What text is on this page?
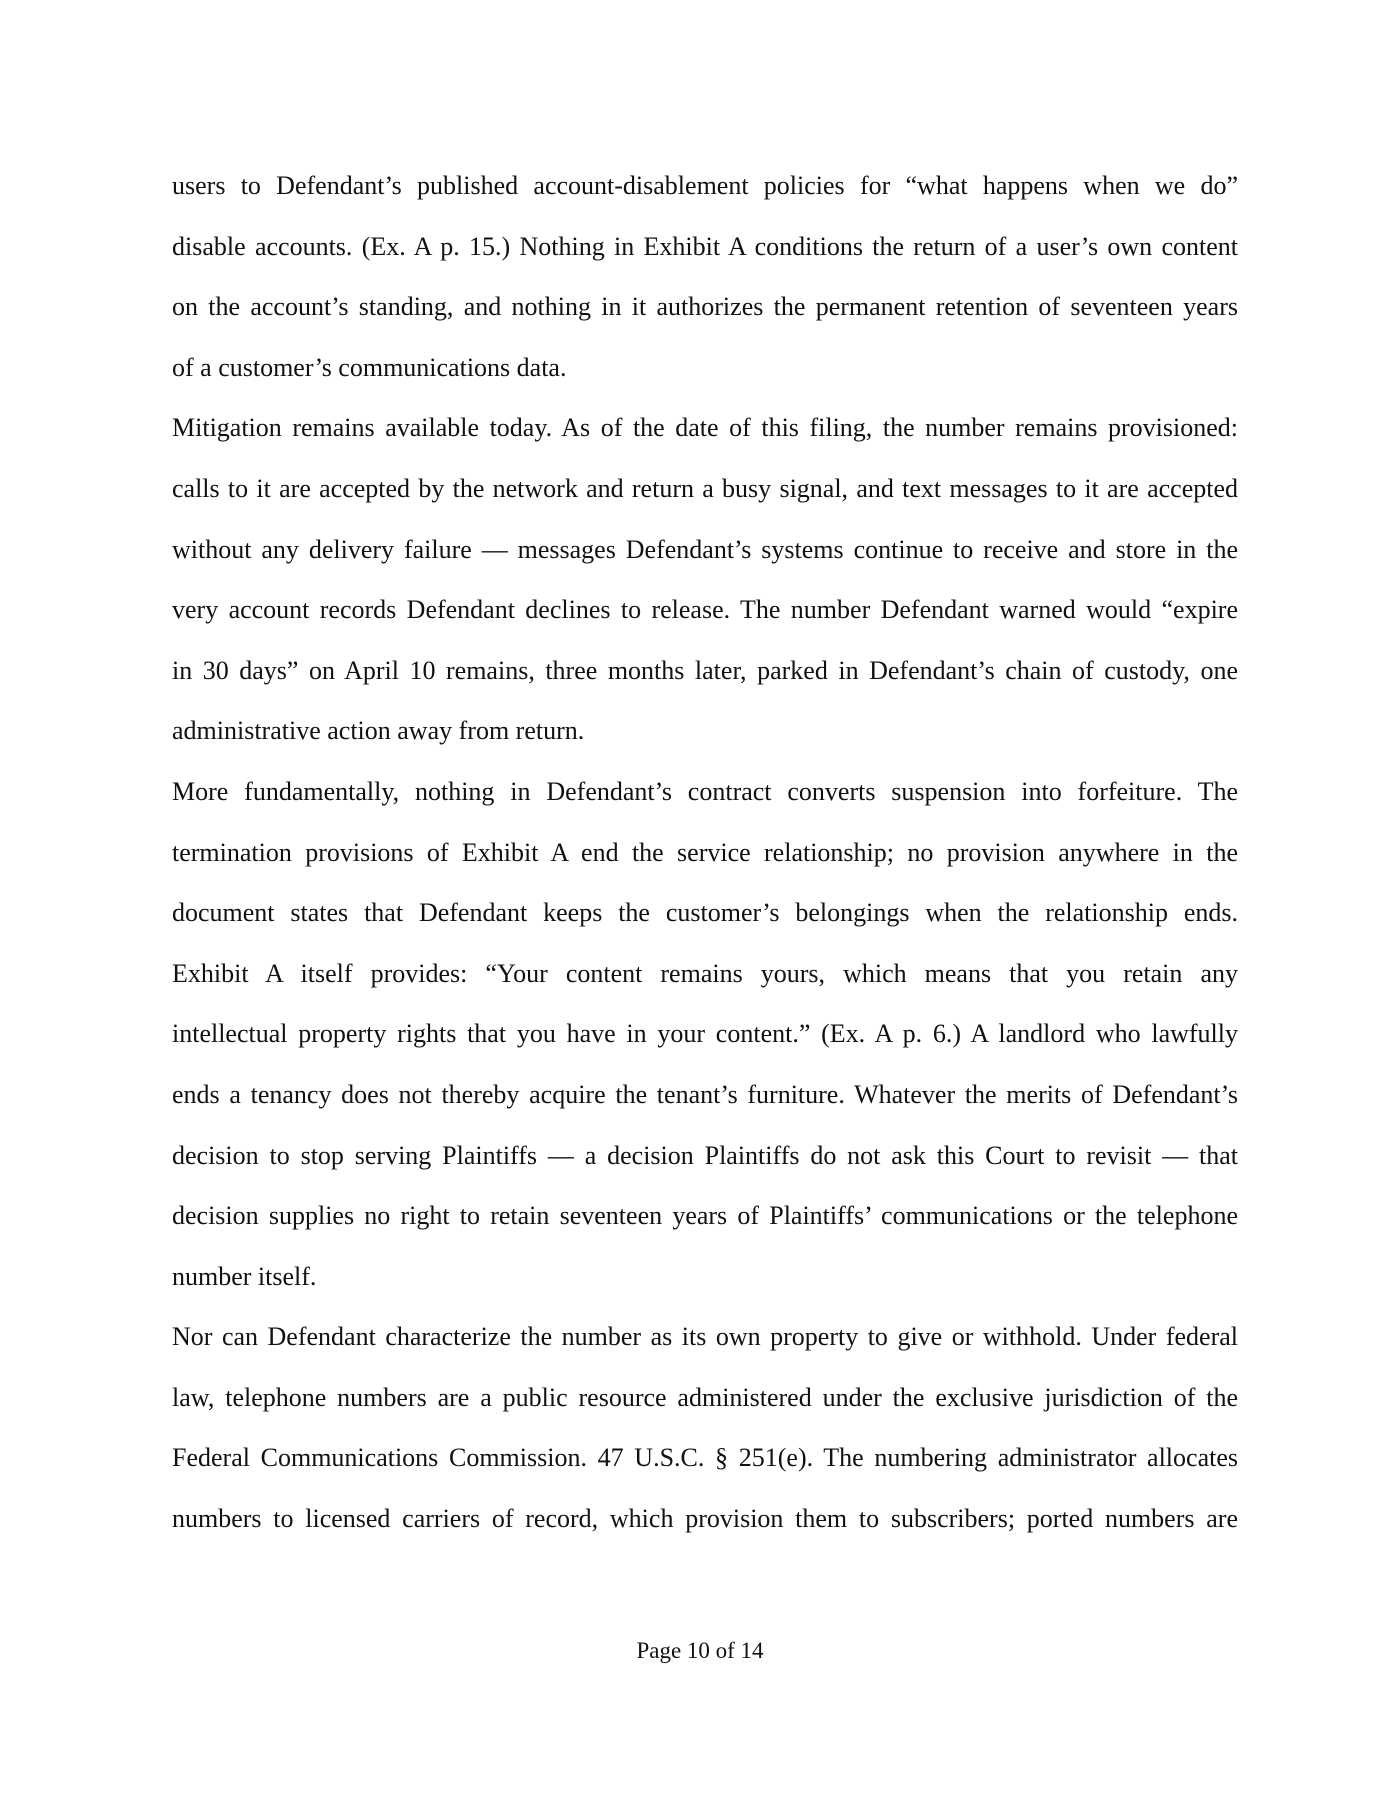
users to Defendant’s published account-disablement policies for “what happens when we do”
disable accounts. (Ex. A p. 15.) Nothing in Exhibit A conditions the return of a user’s own content
on the account’s standing, and nothing in it authorizes the permanent retention of seventeen years
of a customer’s communications data.
Mitigation remains available today. As of the date of this filing, the number remains provisioned:
calls to it are accepted by the network and return a busy signal, and text messages to it are accepted
without any delivery failure — messages Defendant’s systems continue to receive and store in the
very account records Defendant declines to release. The number Defendant warned would “expire
in 30 days” on April 10 remains, three months later, parked in Defendant’s chain of custody, one
administrative action away from return.
More fundamentally, nothing in Defendant’s contract converts suspension into forfeiture. The
termination provisions of Exhibit A end the service relationship; no provision anywhere in the
document states that Defendant keeps the customer’s belongings when the relationship ends.
Exhibit A itself provides: “Your content remains yours, which means that you retain any
intellectual property rights that you have in your content.” (Ex. A p. 6.) A landlord who lawfully
ends a tenancy does not thereby acquire the tenant’s furniture. Whatever the merits of Defendant’s
decision to stop serving Plaintiffs — a decision Plaintiffs do not ask this Court to revisit — that
decision supplies no right to retain seventeen years of Plaintiffs’ communications or the telephone
number itself.
Nor can Defendant characterize the number as its own property to give or withhold. Under federal
law, telephone numbers are a public resource administered under the exclusive jurisdiction of the
Federal Communications Commission. 47 U.S.C. § 251(e). The numbering administrator allocates
numbers to licensed carriers of record, which provision them to subscribers; ported numbers are
Page 10 of 14
